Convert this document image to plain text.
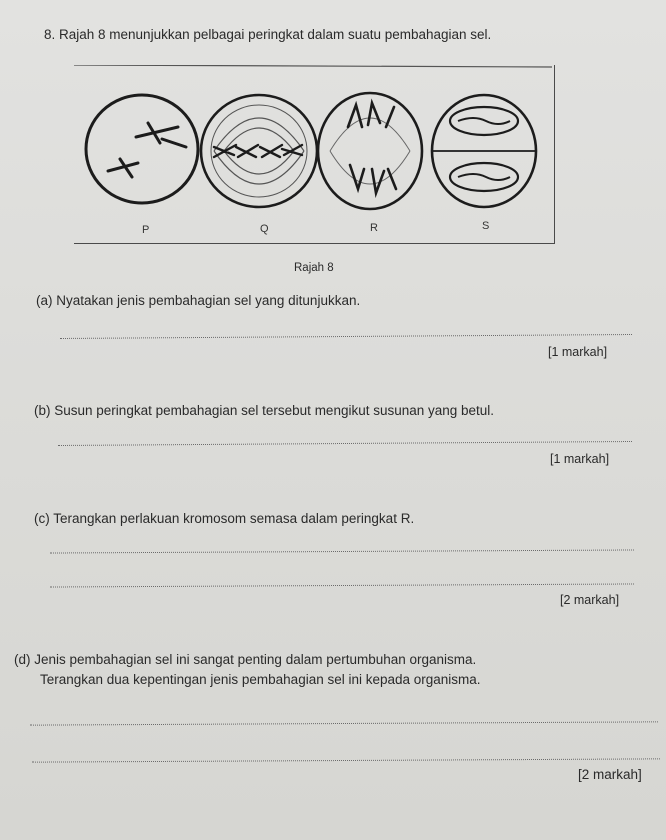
8. Rajah 8 menunjukkan pelbagai peringkat dalam suatu pembahagian sel.
P	Q	R	S
Rajah 8
(a) Nyatakan jenis pembahagian sel yang ditunjukkan.
[1 markah]
(b) Susun peringkat pembahagian sel tersebut mengikut susunan yang betul.
[1 markah]
(c) Terangkan perlakuan kromosom semasa dalam peringkat R.
[2 markah]
(d) Jenis pembahagian sel ini sangat penting dalam pertumbuhan organisma.
Terangkan dua kepentingan jenis pembahagian sel ini kepada organisma.
[2 markah]
